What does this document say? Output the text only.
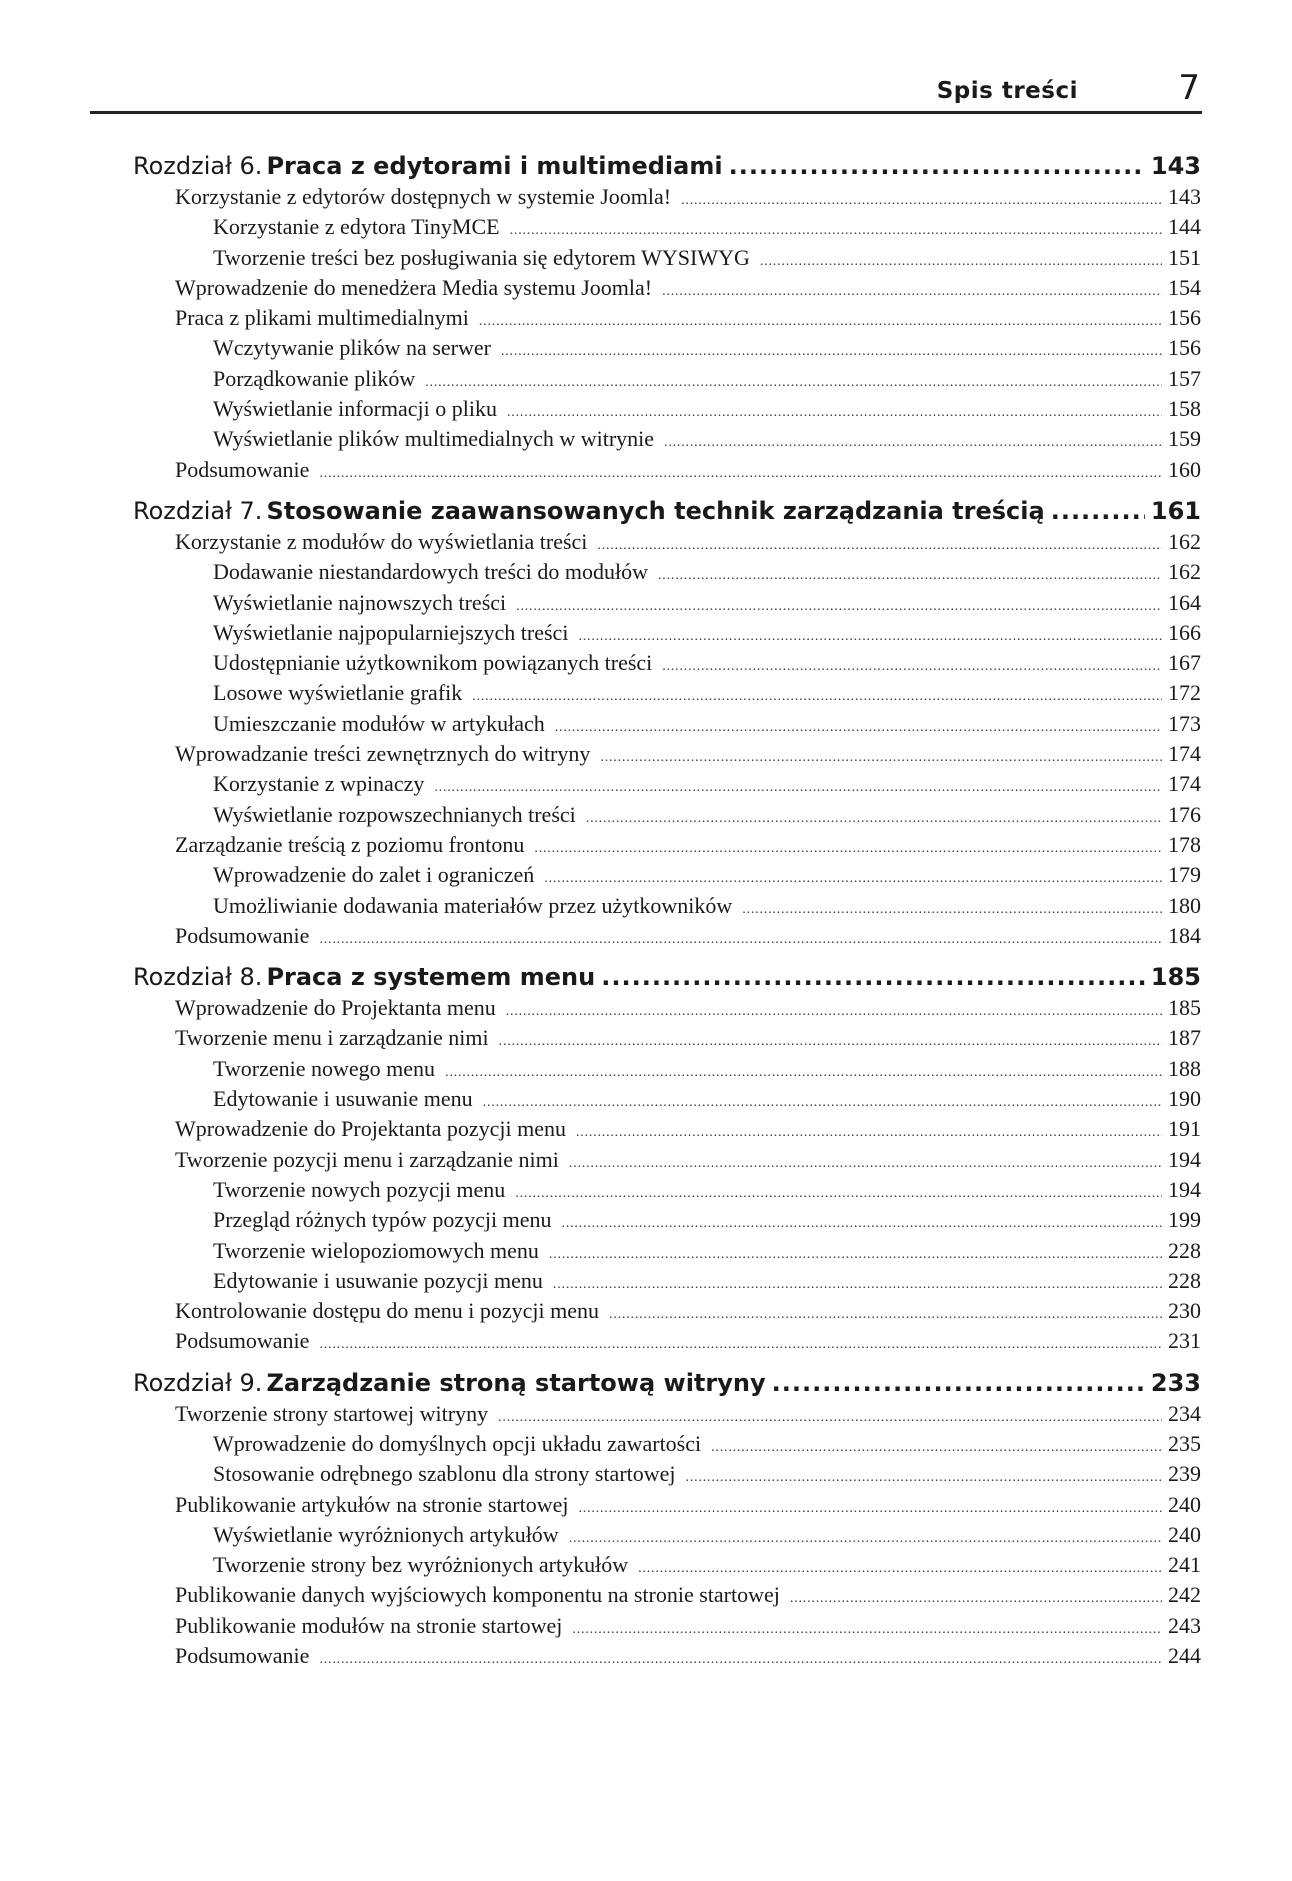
Spis treści	7
Rozdział 6. Praca z edytorami i multimediami .....	143
Korzystanie z edytorów dostępnych w systemie Joomla! .....	143
Korzystanie z edytora TinyMCE .....	144
Tworzenie treści bez posługiwania się edytorem WYSIWYG .....	151
Wprowadzenie do menedżera Media systemu Joomla! .....	154
Praca z plikami multimedialnymi .....	156
Wczytywanie plików na serwer .....	156
Porządkowanie plików .....	157
Wyświetlanie informacji o pliku .....	158
Wyświetlanie plików multimedialnych w witrynie .....	159
Podsumowanie .....	160
Rozdział 7. Stosowanie zaawansowanych technik zarządzania treścią .....	161
Korzystanie z modułów do wyświetlania treści .....	162
Dodawanie niestandardowych treści do modułów .....	162
Wyświetlanie najnowszych treści .....	164
Wyświetlanie najpopularniejszych treści .....	166
Udostępnianie użytkownikom powiązanych treści .....	167
Losowe wyświetlanie grafik .....	172
Umieszczanie modułów w artykułach .....	173
Wprowadzanie treści zewnętrznych do witryny .....	174
Korzystanie z wpinaczy .....	174
Wyświetlanie rozpowszechnianych treści .....	176
Zarządzanie treścią z poziomu frontonu .....	178
Wprowadzenie do zalet i ograniczeń .....	179
Umożliwianie dodawania materiałów przez użytkowników .....	180
Podsumowanie .....	184
Rozdział 8. Praca z systemem menu .....	185
Wprowadzenie do Projektanta menu .....	185
Tworzenie menu i zarządzanie nimi .....	187
Tworzenie nowego menu .....	188
Edytowanie i usuwanie menu .....	190
Wprowadzenie do Projektanta pozycji menu .....	191
Tworzenie pozycji menu i zarządzanie nimi .....	194
Tworzenie nowych pozycji menu .....	194
Przegląd różnych typów pozycji menu .....	199
Tworzenie wielopoziomowych menu .....	228
Edytowanie i usuwanie pozycji menu .....	228
Kontrolowanie dostępu do menu i pozycji menu .....	230
Podsumowanie .....	231
Rozdział 9. Zarządzanie stroną startową witryny .....	233
Tworzenie strony startowej witryny .....	234
Wprowadzenie do domyślnych opcji układu zawartości .....	235
Stosowanie odrębnego szablonu dla strony startowej .....	239
Publikowanie artykułów na stronie startowej .....	240
Wyświetlanie wyróżnionych artykułów .....	240
Tworzenie strony bez wyróżnionych artykułów .....	241
Publikowanie danych wyjściowych komponentu na stronie startowej .....	242
Publikowanie modułów na stronie startowej .....	243
Podsumowanie .....	244
